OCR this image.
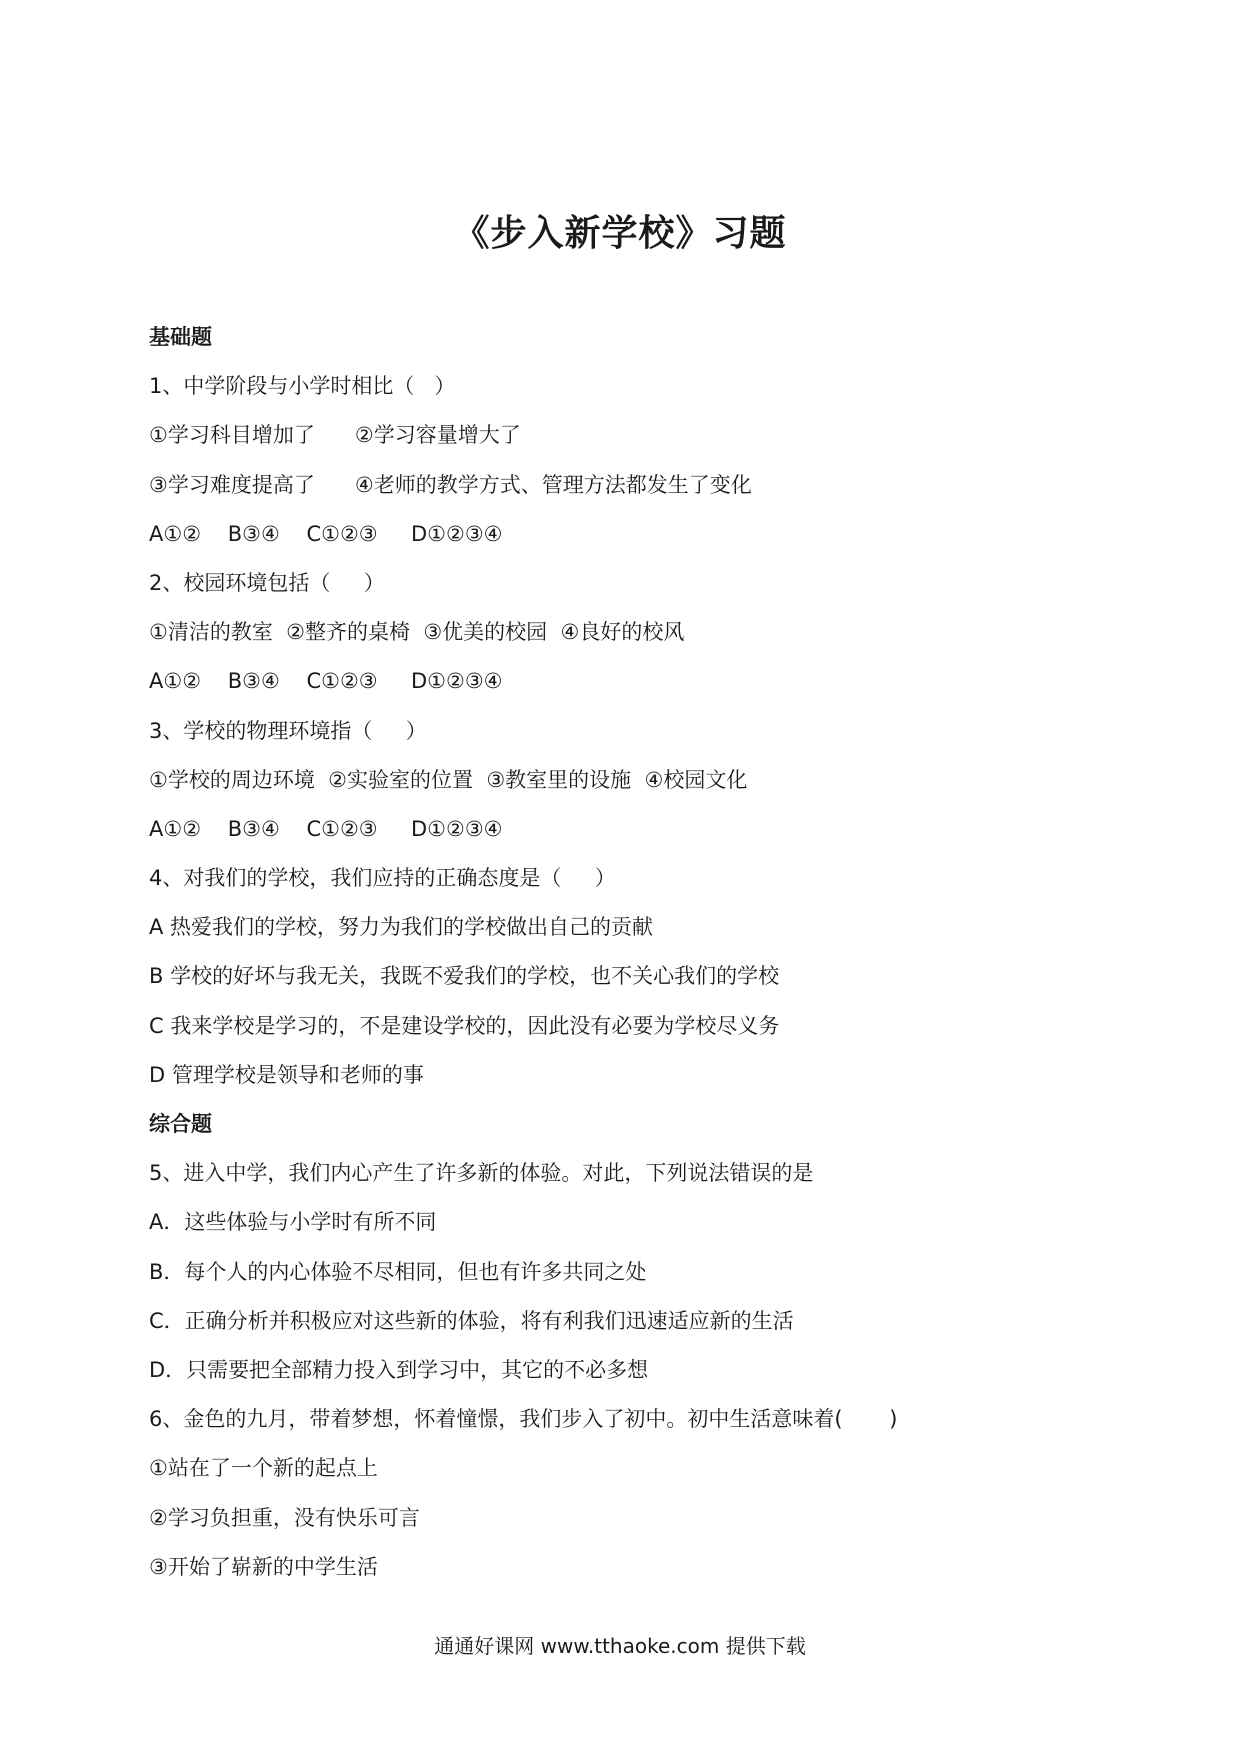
《步入新学校》习题
基础题
1、中学阶段与小学时相比（   ）
①学习科目增加了      ②学习容量增大了
③学习难度提高了      ④老师的教学方式、管理方法都发生了变化
A①②    B③④    C①②③     D①②③④
2、校园环境包括（     ）
①清洁的教室  ②整齐的桌椅  ③优美的校园  ④良好的校风
A①②    B③④    C①②③     D①②③④
3、学校的物理环境指（     ）
①学校的周边环境  ②实验室的位置  ③教室里的设施  ④校园文化
A①②    B③④    C①②③     D①②③④
4、对我们的学校，我们应持的正确态度是（     ）
A 热爱我们的学校，努力为我们的学校做出自己的贡献
B 学校的好坏与我无关，我既不爱我们的学校，也不关心我们的学校
C 我来学校是学习的，不是建设学校的，因此没有必要为学校尽义务
D 管理学校是领导和老师的事
综合题
5、进入中学，我们内心产生了许多新的体验。对此，下列说法错误的是
A．这些体验与小学时有所不同
B．每个人的内心体验不尽相同，但也有许多共同之处
C．正确分析并积极应对这些新的体验，将有利我们迅速适应新的生活
D．只需要把全部精力投入到学习中，其它的不必多想
6、金色的九月，带着梦想，怀着憧憬，我们步入了初中。初中生活意味着(       )
①站在了一个新的起点上
②学习负担重，没有快乐可言
③开始了崭新的中学生活
通通好课网 www.tthaoke.com 提供下载
